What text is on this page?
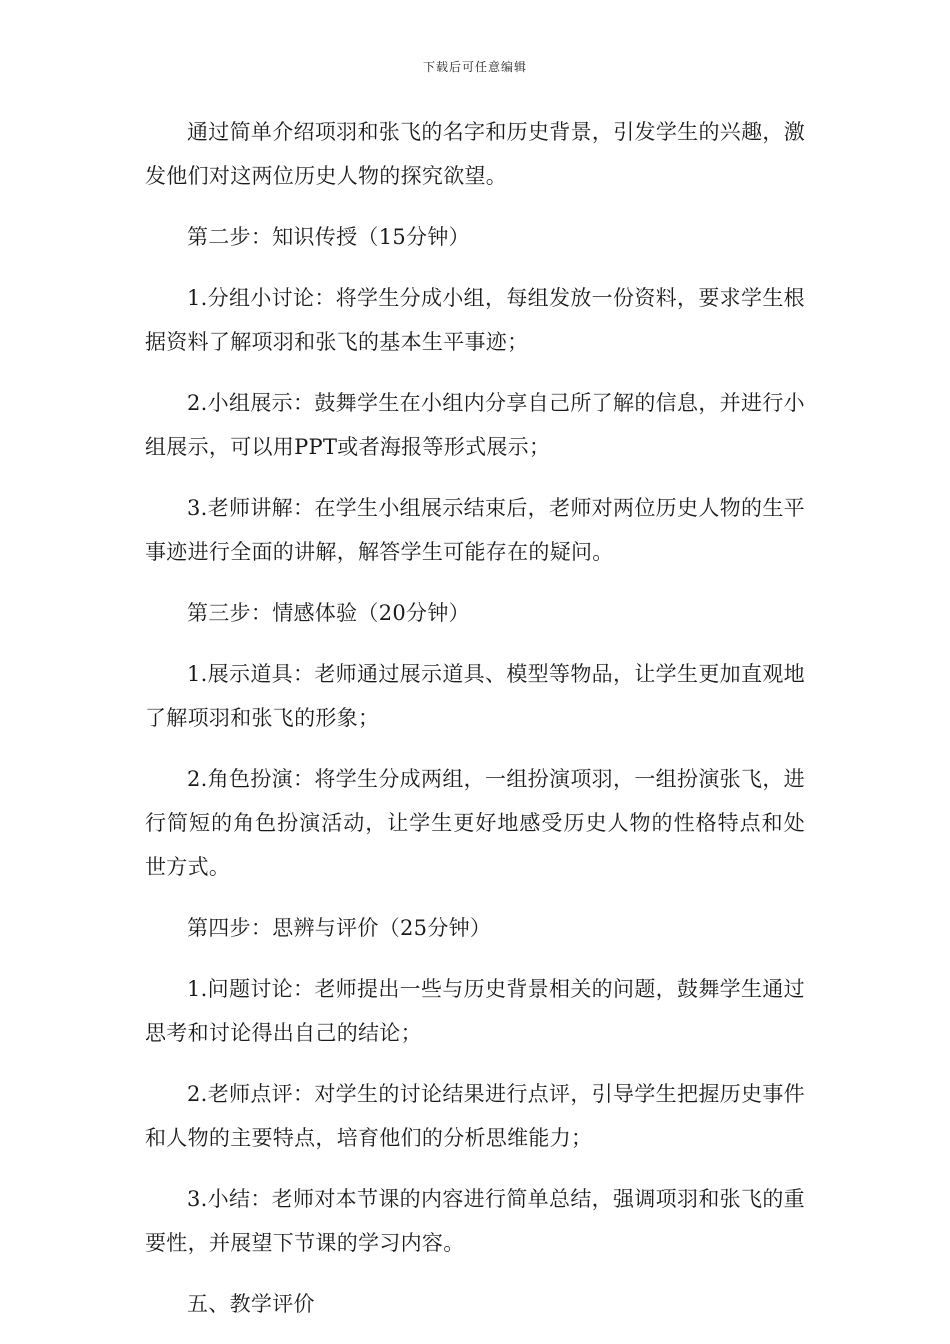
下载后可任意编辑

通过简单介绍项羽和张飞的名字和历史背景，引发学生的兴趣，激发他们对这两位历史人物的探究欲望。

第二步：知识传授（15分钟）

1.分组小讨论：将学生分成小组，每组发放一份资料，要求学生根据资料了解项羽和张飞的基本生平事迹；

2.小组展示：鼓舞学生在小组内分享自己所了解的信息，并进行小组展示，可以用PPT或者海报等形式展示；

3.老师讲解：在学生小组展示结束后，老师对两位历史人物的生平事迹进行全面的讲解，解答学生可能存在的疑问。

第三步：情感体验（20分钟）

1.展示道具：老师通过展示道具、模型等物品，让学生更加直观地了解项羽和张飞的形象；

2.角色扮演：将学生分成两组，一组扮演项羽，一组扮演张飞，进行简短的角色扮演活动，让学生更好地感受历史人物的性格特点和处世方式。

第四步：思辨与评价（25分钟）

1.问题讨论：老师提出一些与历史背景相关的问题，鼓舞学生通过思考和讨论得出自己的结论；

2.老师点评：对学生的讨论结果进行点评，引导学生把握历史事件和人物的主要特点，培育他们的分析思维能力；

3.小结：老师对本节课的内容进行简单总结，强调项羽和张飞的重要性，并展望下节课的学习内容。

五、教学评价
